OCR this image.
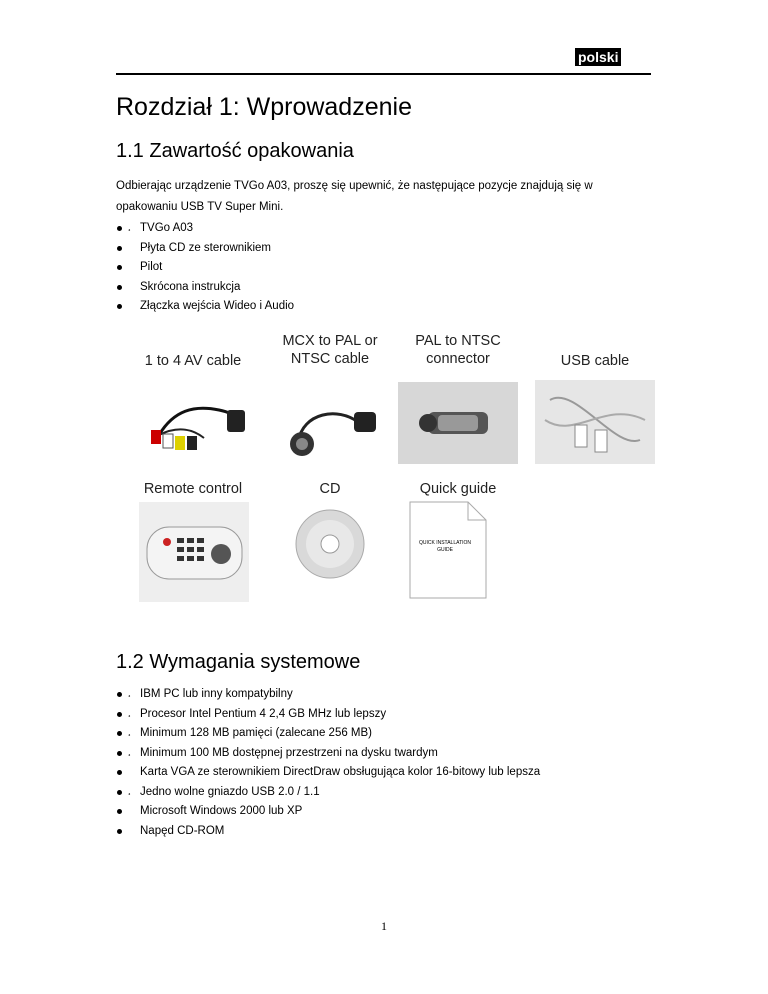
polski
Rozdział 1: Wprowadzenie
1.1 Zawartość opakowania
Odbierając urządzenie TVGo A03, proszę się upewnić, że następujące pozycje znajdują się w opakowaniu USB TV Super Mini.
¸ TVGo A03
Płyta CD ze sterownikiem
Pilot
Skrócona instrukcja
Złączka wejścia Wideo i Audio
1 to 4 AV cable
MCX to PAL or NTSC cable
PAL to NTSC connector	USB cable
Remote control	CD	Quick guide
QUICK INSTALLATION GUIDE
1.2 Wymagania systemowe
¸ IBM PC lub inny kompatybilny
¸ Procesor Intel Pentium 4 2,4 GB MHz lub lepszy
¸ Minimum 128 MB pamięci (zalecane 256 MB)
¸ Minimum 100 MB dostępnej przestrzeni na dysku twardym
Karta VGA ze sterownikiem DirectDraw obsługująca kolor 16-bitowy lub lepsza
¸ Jedno wolne gniazdo USB 2.0 / 1.1
Microsoft Windows 2000 lub XP
Napęd CD-ROM
1
